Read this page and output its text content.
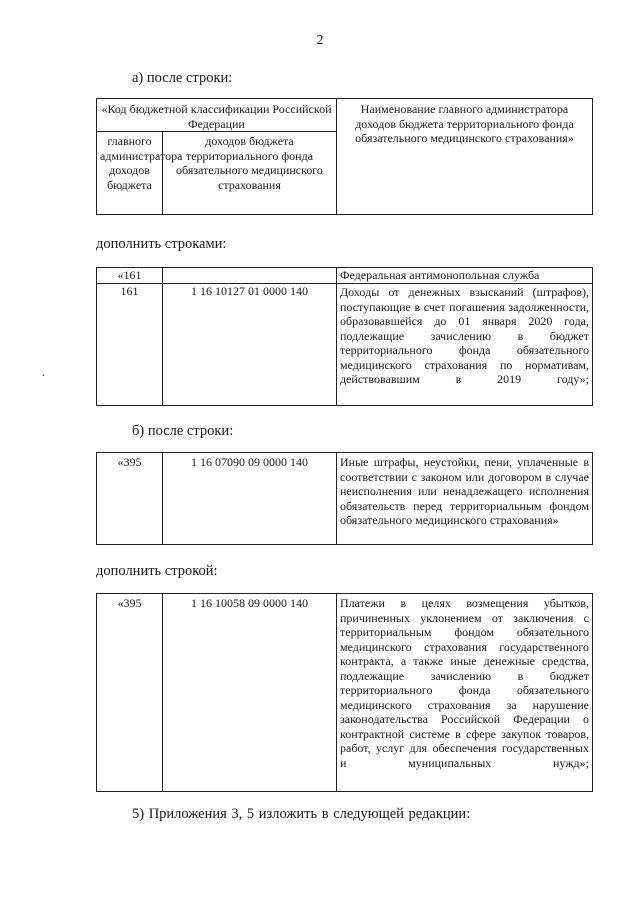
2
а) после строки:
«Код бюджетной классификации Российской Федерации		Наименование главного администратора доходов бюджета территориального фонда обязательного медицинского страхования»
главного администратора доходов бюджета	доходов бюджета территориального фонда обязательного медицинского страхования	
дополнить строками:
«161		Федеральная антимонопольная служба
161	1 16 10127 01 0000 140	Доходы от денежных взысканий (штрафов), поступающие в счет погашения задолженности, образовавшейся до 01 января 2020 года, подлежащие зачислению в бюджет территориального фонда обязательного медицинского страхования по нормативам, действовавшим в 2019 году»;
.
б) после строки:
«395	1 16 07090 09 0000 140	Иные штрафы, неустойки, пени, уплаченные в соответствии с законом или договором в случае неисполнения или ненадлежащего исполнения обязательств перед территориальным фондом обязательного медицинского страхования»
дополнить строкой:
«395	1 16 10058 09 0000 140	Платежи в целях возмещения убытков, причиненных уклонением от заключения с территориальным фондом обязательного медицинского страхования государственного контракта, а также иные денежные средства, подлежащие зачислению в бюджет территориального фонда обязательного медицинского страхования за нарушение законодательства Российской Федерации о контрактной системе в сфере закупок товаров, работ, услуг для обеспечения государственных и муниципальных нужд»;
5) Приложения 3, 5 изложить в следующей редакции:
